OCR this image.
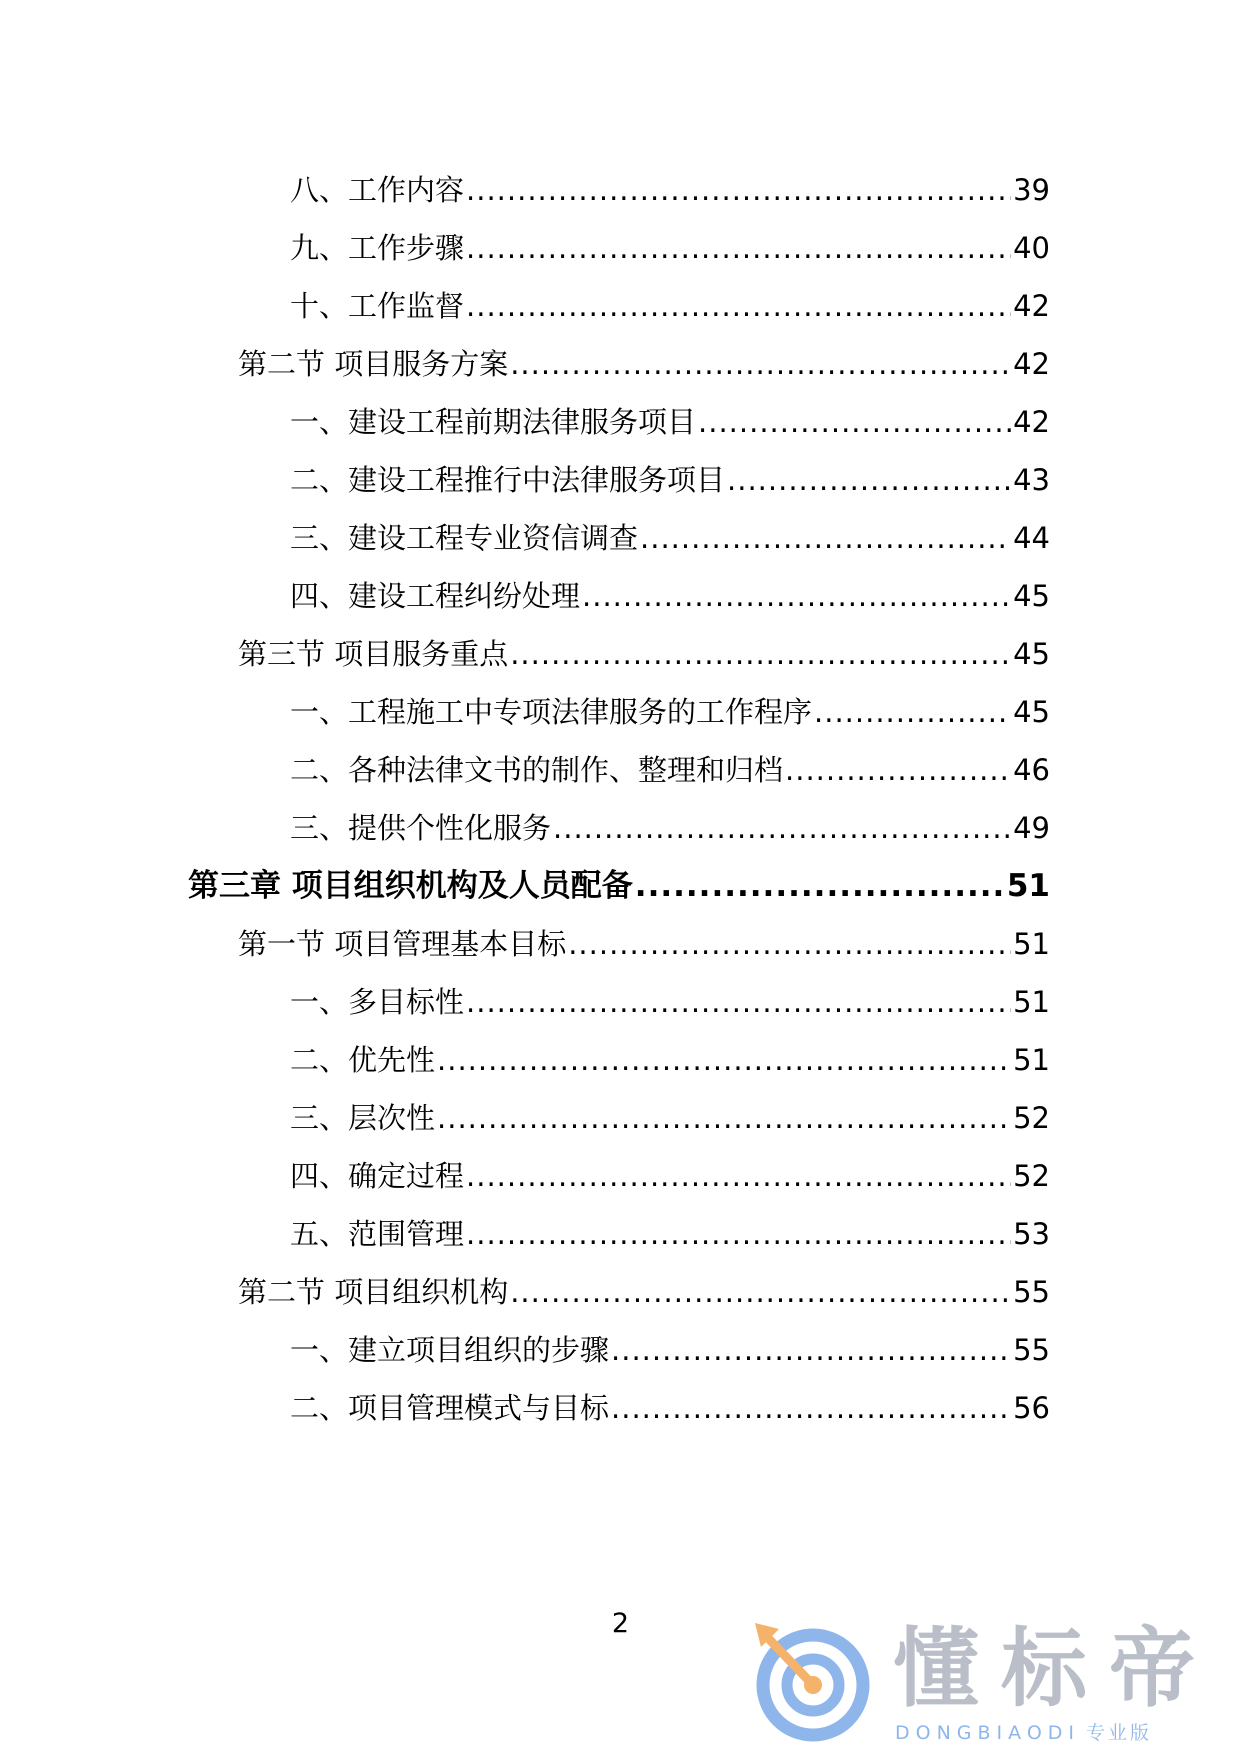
八、工作内容 .....	39
九、工作步骤 .....	40
十、工作监督 .....	42
第二节 项目服务方案 .....	42
一、建设工程前期法律服务项目 .....	42
二、建设工程推行中法律服务项目 .....	43
三、建设工程专业资信调查 .....	44
四、建设工程纠纷处理 .....	45
第三节 项目服务重点 .....	45
一、工程施工中专项法律服务的工作程序 .....	45
二、各种法律文书的制作、整理和归档 .....	46
三、提供个性化服务 .....	49
第三章 项目组织机构及人员配备 .....	51
第一节 项目管理基本目标 .....	51
一、多目标性 .....	51
二、优先性 .....	51
三、层次性 .....	52
四、确定过程 .....	52
五、范围管理 .....	53
第二节 项目组织机构 .....	55
一、建立项目组织的步骤 .....	55
二、项目管理模式与目标 .....	56
2	懂标帝
DONGBIAODI 专业版
